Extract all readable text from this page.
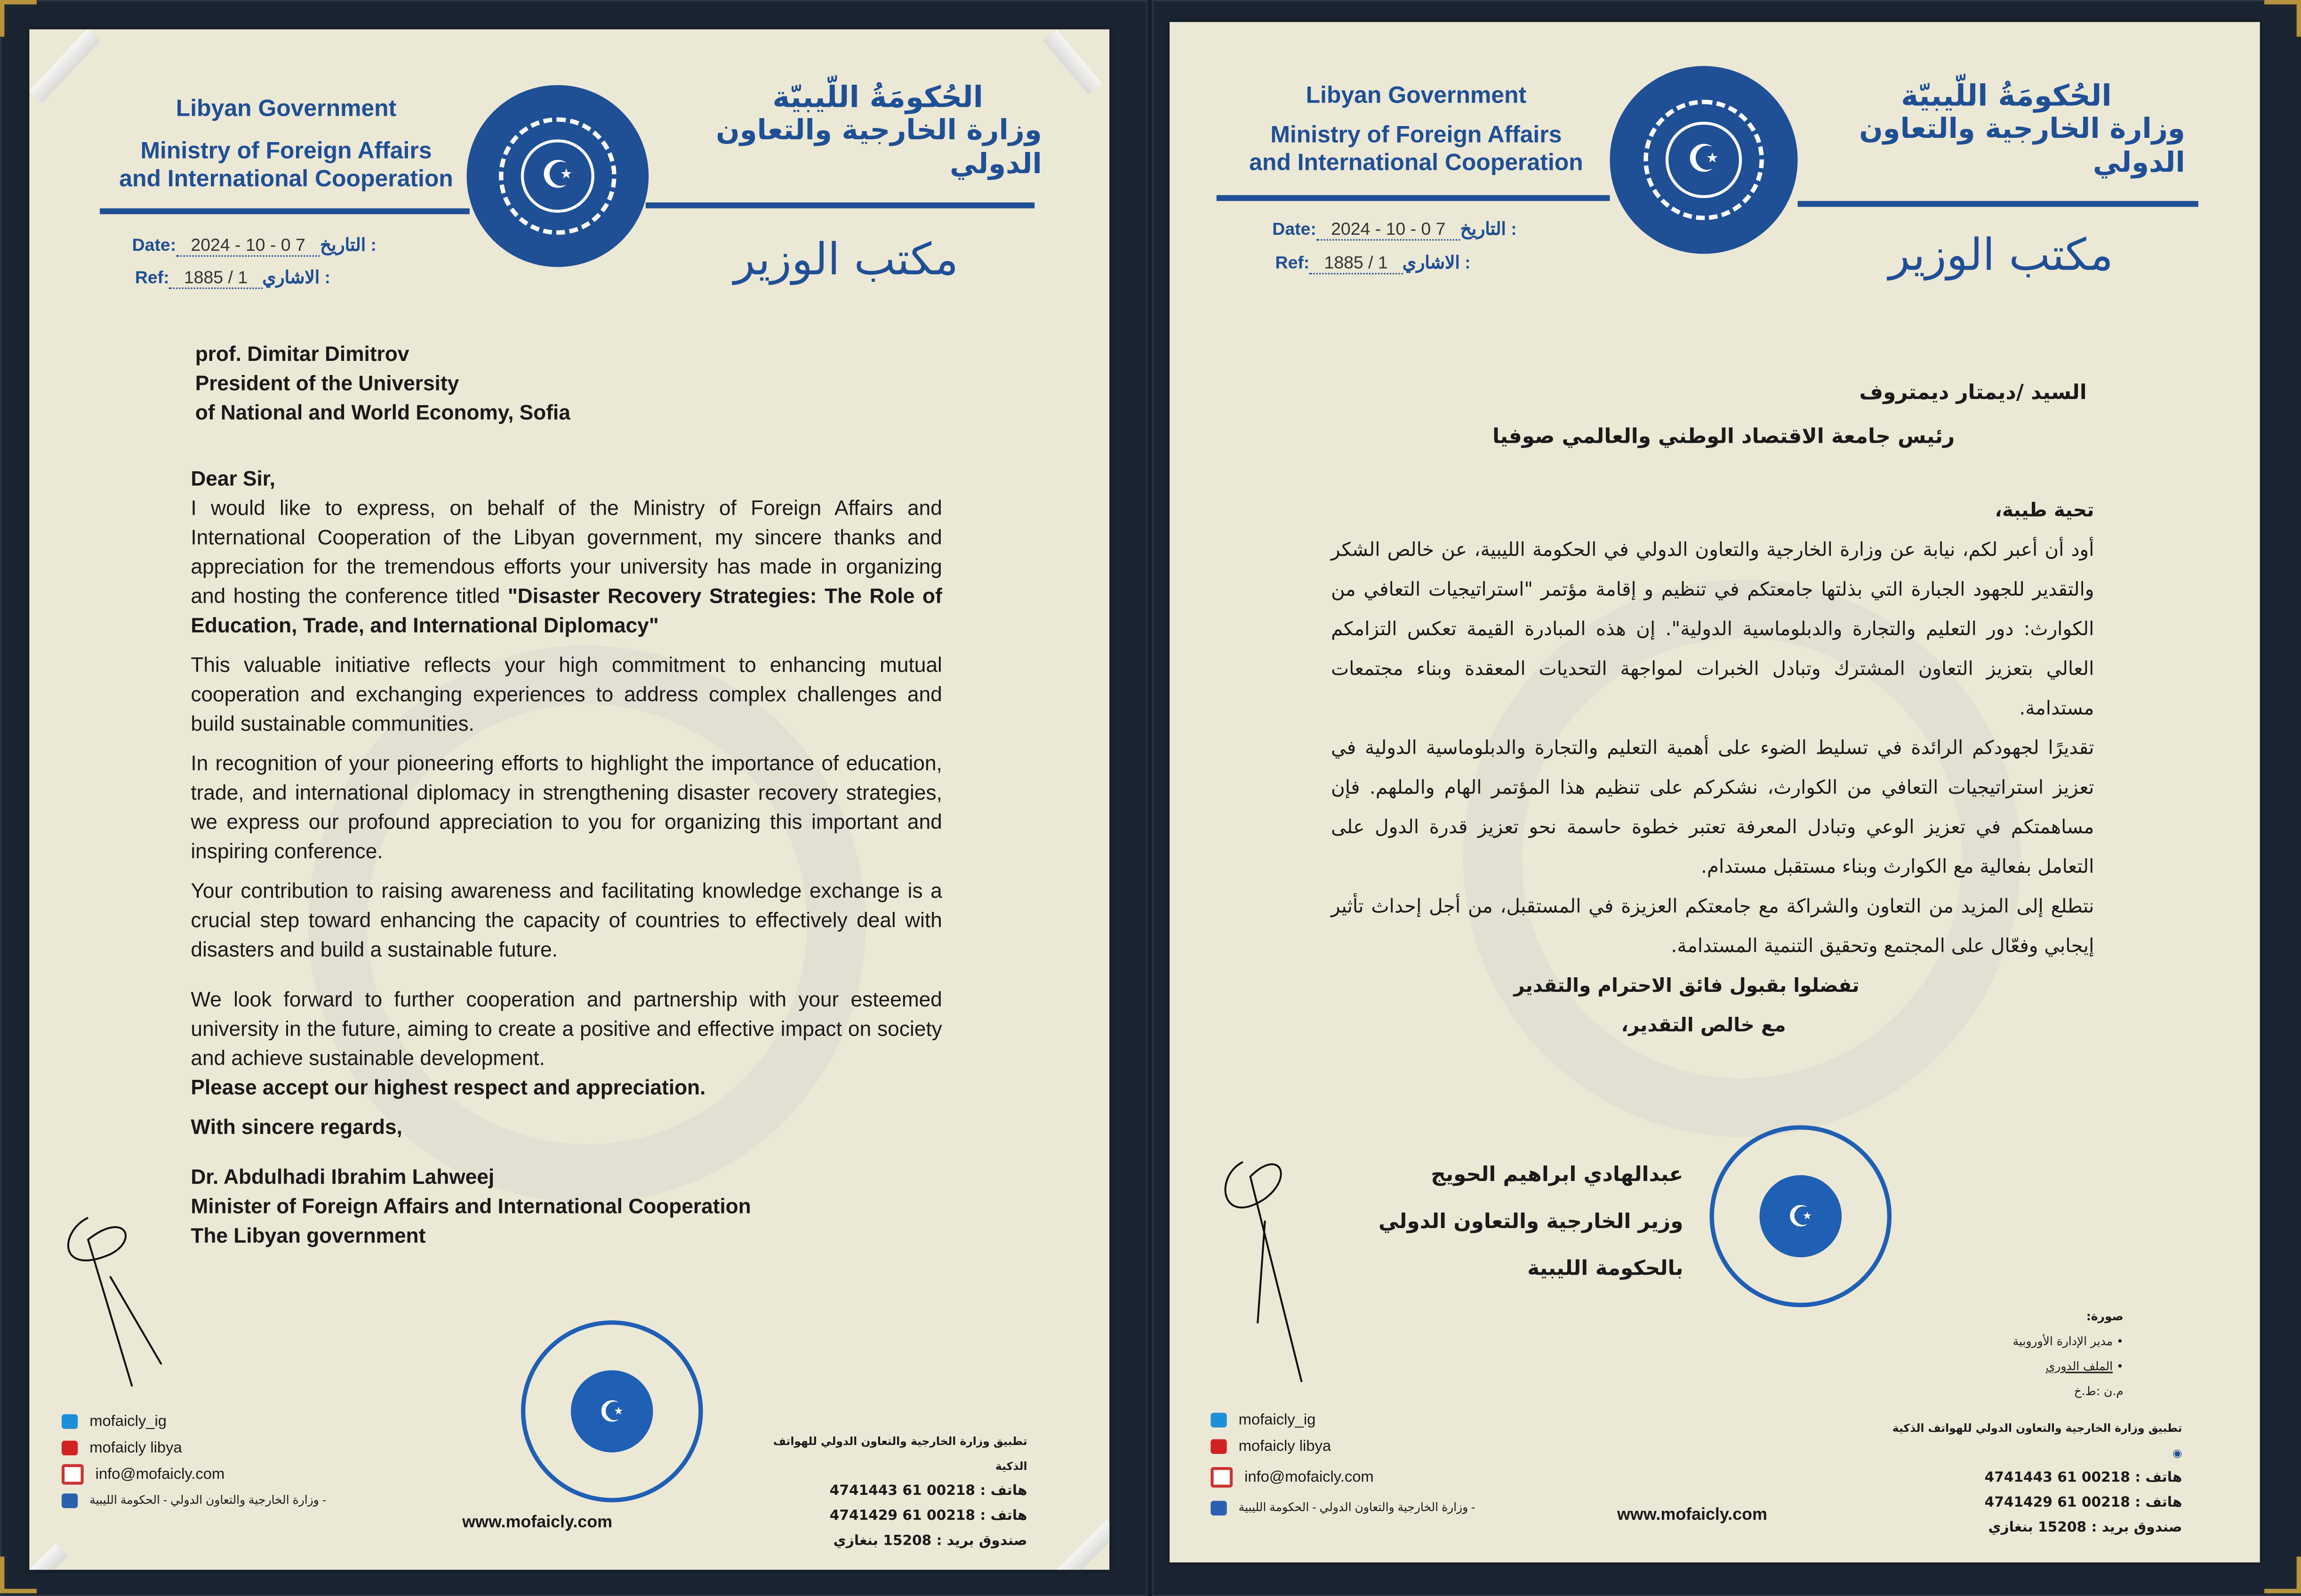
Libyan Government
Ministry of Foreign Affairs
and International Cooperation	☪
الحُكومَةُ اللّيبيّة
وزارة الخارجية والتعاون الدولي
Date:	2024 - 10 - 0 7	التاريخ :
Ref:	1885 / 1	الاشاري :	مكتب الوزير
prof. Dimitar Dimitrov
President of the University
of National and World Economy, Sofia

Dear Sir,

I would like to express, on behalf of the Ministry of Foreign Affairs and International Cooperation of the Libyan government, my sincere thanks and appreciation for the tremendous efforts your university has made in organizing and hosting the conference titled "Disaster Recovery Strategies: The Role of Education, Trade, and International Diplomacy"

This valuable initiative reflects your high commitment to enhancing mutual cooperation and exchanging experiences to address complex challenges and build sustainable communities.

In recognition of your pioneering efforts to highlight the importance of education, trade, and international diplomacy in strengthening disaster recovery strategies, we express our profound appreciation to you for organizing this important and inspiring conference.

Your contribution to raising awareness and facilitating knowledge exchange is a crucial step toward enhancing the capacity of countries to effectively deal with disasters and build a sustainable future.

We look forward to further cooperation and partnership with your esteemed university in the future, aiming to create a positive and effective impact on society and achieve sustainable development.

Please accept our highest respect and appreciation.

With sincere regards,

Dr. Abdulhadi Ibrahim Lahweej
Minister of Foreign Affairs and International Cooperation
The Libyan government
☪
mofaicly_ig
mofaicly libya
info@mofaicly.com
وزارة الخارجية والتعاون الدولي - الحكومة الليبية -
www.mofaicly.com
تطبيق وزارة الخارجية والتعاون الدولي للهواتف الذكية
هاتف : 00218 61 4741443
هاتف : 00218 61 4741429
صندوق بريد : 15208 بنغازي
Libyan Government
Ministry of Foreign Affairs
and International Cooperation	☪
الحُكومَةُ اللّيبيّة
وزارة الخارجية والتعاون الدولي
Date:	2024 - 10 - 0 7	التاريخ :
Ref:	1885 / 1	الاشاري :	مكتب الوزير
السيد /ديمتار ديمتروف
رئيس جامعة الاقتصاد الوطني والعالمي صوفيا

تحية طيبة،

أود أن أعبر لكم، نيابة عن وزارة الخارجية والتعاون الدولي في الحكومة الليبية، عن خالص الشكر والتقدير للجهود الجبارة التي بذلتها جامعتكم في تنظيم و إقامة مؤتمر "استراتيجيات التعافي من الكوارث: دور التعليم والتجارة والدبلوماسية الدولية". إن هذه المبادرة القيمة تعكس التزامكم العالي بتعزيز التعاون المشترك وتبادل الخبرات لمواجهة التحديات المعقدة وبناء مجتمعات مستدامة.

تقديرًا لجهودكم الرائدة في تسليط الضوء على أهمية التعليم والتجارة والدبلوماسية الدولية في تعزيز استراتيجيات التعافي من الكوارث، نشكركم على تنظيم هذا المؤتمر الهام والملهم. فإن مساهمتكم في تعزيز الوعي وتبادل المعرفة تعتبر خطوة حاسمة نحو تعزيز قدرة الدول على التعامل بفعالية مع الكوارث وبناء مستقبل مستدام.

نتطلع إلى المزيد من التعاون والشراكة مع جامعتكم العزيزة في المستقبل، من أجل إحداث تأثير إيجابي وفعّال على المجتمع وتحقيق التنمية المستدامة.

تفضلوا بقبول فائق الاحترام والتقدير

مع خالص التقدير،

عبدالهادي ابراهيم الحويج
وزير الخارجية والتعاون الدولي
بالحكومة الليبية
☪
صورة:
• مدير الإدارة الأوروبية
• الملف الدوري
م.ن :ط.خ
mofaicly_ig
mofaicly libya
info@mofaicly.com
وزارة الخارجية والتعاون الدولي - الحكومة الليبية -	www.mofaicly.com
تطبيق وزارة الخارجية والتعاون الدولي للهواتف الذكية ◉
هاتف : 00218 61 4741443
هاتف : 00218 61 4741429
صندوق بريد : 15208 بنغازي
